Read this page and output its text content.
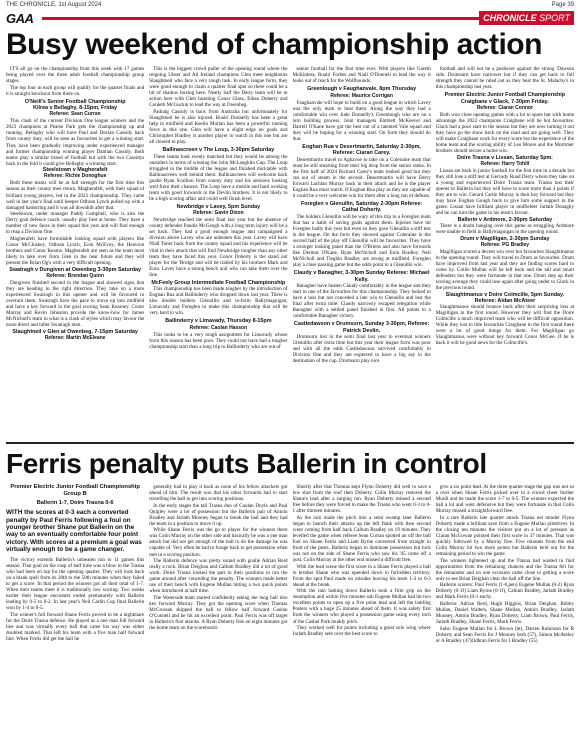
THE CHRONICLE, 1st August 2024	Page 39
GAA	CHRONICLE SPORT
Busy weekend of championship action

IT'S all go on the championship front this week with 17 games being played over the three adult football championship group stages.

The top four in each group will qualify for the quarter finals and it is straight knockout from there on.

O'Neill's Senior Football Championship
Kilrea v Bellaghy, 8-15pm, Friday
Referee: Sean Curran

This clash of the current Division One league winners and the 2023 champions at Pearse Park gets the championship up and running. Bellaghy who will have Paul and Declan Cassidy back from county duty, will be seen as favourites to get a winning start. They have been gradually improving under experienced manager and former championship winning player Damian Cassidy. Both teams play a similar brand of football but with the two Cassidys back in the fold it could give Bellaghy a winning start.

Steelstown v Magherafelt
Referee: Richie Donoghue

Both these teams will be at full strength for the first time this season as their county men return. Magherafelt, with their squad of brilliant young players, led in the 2023 championship. They came well in last year's final until keeper Odhran Lynch pulled up with a damaged hamstring and it was all downhill after that.

Steelstown, under manager Paddy Campbell, who is also the Derry goal defence coach, usually play best at home. They have a number of new faces in their squad this year and will find enough to reap a Division One.

Magherafelt have formidable looking squad with players like Conor McCluskey, Odhran Lynch, Eoin McEvoy, the Heavron brothers and Conor Kearns. Magherafelt are seen as the team most likely to take over from Glen in the near future and they will present the Brian Og's with a very difficult opening.

Swatragh v Dungiven at Owenbeg 3-30pm Saturday
Referee: Brendan Quinn

Dungiven finished second in the league and showed signs that they are heading in the right direction. They take on a more experienced Swatragh in this opener and will be favoured to overturn them. Swatragh have the pace to move up into midfield and have a key forward in the goal scoring Sean Kearney. Conor Murray and Kevin Johnston provide the know-how for James McNicholl's team in what is a clash of styles which may favour the more direct and taller Swatragh men.

Slaughtneil v Glen at Owenbeg, 7-15pm Saturday
Referee: Martin McEleane

This is the biggest crowd puller of the opening round where the reigning Ulster and All Ireland champions Glen meet neighbours Slaughtneil who face a very tough task. In early league form, they were good enough to claim a quarter final spot so there could be a bit of shadow boxing here. Neatly half the Derry team will be in action here with Glen boasting Conor Glass, Ethan Doherty and Conleth McGuckin to lead the way at Owenbeg.

Padraig Cassidy is back from Australia but unfortunately for Slaughtneil he is also injured. Ruairi Donnelly has been a great help in midfield and Keelin Mullan has been a powerful running force in this one. Glen will have a slight edge on goals and Christopher Bradley is another player to watch in this one but are all cleared to play.

Ballinascreen v The Loup, 3-30pm Saturday

These teams look evenly matched but they would be among the outsiders in terms of winning the John McLaughlin Cup. The Loup struggled in the middle of the league and finished mid-table with Ballinascreen well behind them. Ballinascreen will welcome back goalie Ryan Scullion from county duty and his sessions looking well from their chances. The Loup have a mobile and hard working team with good forwards in the Devlin brothers. It is not likely to be a high scoring affair and could well finish level.

Newbridge v Lavey, 5pm Sunday
Referee: Gavin Dixon

Newbridge reached the semi final last year but the absence of county defender Paudie McGeogh with a long term injury will be a set back. They had a good enough league and campaigned a division above Lavey who are unbeaten this year. Lavey will have Niall Toner back from the county squad and his experience will be vital to their attack that will find Newbridge tougher than any other team they have faced this year. Conor Doherty is the stand out player for the 'Bridge and will be trailed by his brothers Mark and Eoin. Lavey have a strong bench unit who can take them over the line.

McFeely Group Intermediate Football Championship

This championship has been made tougher by the introduction of Eoghan Rua and Ballinderry who dropped down last year. There is also double holders Glenullin and in-form Ballymaguigan, Limavady and Foreglen to make this championship that will be very hard to win.

Ballinderry v Limavady, Thursday 8-15pm
Referee: Caolan Hasson

This looks to be a very tough assignment for Limavady whose form this season has been poor. They could not have had a tougher championship start than a long trip to Ballinderry who are out of

senior football for the first time ever. With players like Gareth McKinless, Ruairi Forbes and Niall O'Donnell to lead the way it looks out of reach for the Wolfhounds.

Greenlough v Faughanvale, 8pm Thursday
Referee: Maurice Corrigan

Faughanvale will hope to build on a good league in which Lavey was the only team to beat them. Along the way they had a comfortable win over Jude Donnelly's Greenlough who are on a turn building process. Joint managers Emmett McKeever and Darrell O'Kane have got the best out of a talented Vale squad and they will be hoping for a winning start. On form they should do that.

Eoghan Rua v Desertmartin, Saturday 2-30pm, Referee: Ciaran Carey.

Desertmartin travel to Aghavoe to take on a Coleraine team that must be still smarting from their big drop from the senior ranks. In the first half of 2024 Richard Carey's team looked good but they ran out of steam in the second. Desertmartin will have Derry forward Lachlan Murray back in their attack and he is the player Eoghan Rua must watch. If Eoghan Rua play as they are capable of it could be a very welcome win for them after a long run of defeats.

Foreglen v Glenullin, Saturday 2-30pm Referee: Cathal Doherty.

The holders Glenullin will be wary of this trip to a Foreglen team that has a habit of saving goals against them. Injuries have hit Foreglen badly this year but even so they gave Glenullin a stiff test in the league. On the form they showed against Coleraine in the second half of the play off Glenullin will be favourites. They have a stronger looking panel than the O'Briens and also have forwards like Dermot O'Kane, Ryan McNicholl and Eoin Bradley. Neil McNicholl and Tieghin Bradley are strong at midfield. Foreglen play a close passing game but the odds point to a Glenullin win.

Claudy v Banagher, 3-30pm Sunday Referee: Michael Kelly.

Banagher have beaten Claudy comfortably in the league and they start in one of the favourites for this championship. They looked to have a loss but not conceded a late win to Glenullin and lost the final after extra time. Claudy narrowly escaped relegation while Banagher with a settled panel finished in first. All points to a comfortable Banagher victory.

Castledawson v Drumsurn, Sunday 3-30pm, Referee: Patrick Devlin.

Drumsurn lost in the semi final last year to eventual winners Glenullin after extra time but this year their league form was poor and with all the odds Castledawson survived comfortably in Division One and they are expected to have a big say in the destination of the cup. Drumsurn play nice

football and will not be a pushover against the strong 'Dawson side. Drumsurn have narrower but if they can get back to full strength they cannot be ruled out as they beat the St. Malachy's in this championship last year.

Premier Electric Junior Football Championship
Craigbane v Glack, 7-30pm Friday.
Referee: Ciaran Connor

Both won close opening games with a lot to spare but with home advantage the 2022 champions Craigbane will be hot favourites. Glack had a poor start to the season but they are now turning it out they have go the show back on the road and are going well. They will make Craigbane work for every score but the experience of the home team and the scoring ability of Leo Moore and the Mortimer brothers should secure a home win.

Doire Trasna v Lissan, Saturday 5pm.
Referee: Harry Tohill

Lissan are back in junior football for the first time in a decade but they still lose a stiff test at Gervady Road Derry where they take on a young and experienced Doire Trasna team. Trasna lost their opener to Ballerin but they will have to score more than 4 points if they are to win. Gerard Cartin Murray is their key forward but they may have Eoghan Gough back to give him some support in the game. Lissan have brilliant player in midfielder Jarlath Donaghy and he can turn the game in his team's favour.

Ballerin v Ardmore, 2-30pm Saturday

There is a doubt hanging over this game as struggling Ardmore were unable to field in Ballymaguigan in the opening round.

Drum v Magilligan, 2-30pm Sunday
Referee: PG Bradley

Magilligan scored a decent win over hot favourites Slaughtmanus in the opening round. They will travel to Drum as favourites. Drum have improved from last year and they are finding scores hard to come by. Collie Mullan will be left back and the tall and smart defenders but they were fortunate in that one. Drum step up their scoring average they could lose again after going under to Glack in the previous round.

Slaughtmanus v Doire Colmcille, 5pm Sunday. Referee: Aidan McAteer

Slaughtmanus should bounce back after their surprising loss at Magilligan in the first round. However they will find the Doire Colmcille a much improved team who will be difficult opposition. While they lost to title favourites Craigbane in the first round there were a lot of good things for them. For Magilligan go Slaughtmanus were without key forward Conor McGee. If he is back it will be good news for the Colmcille's.

Ferris penalty puts Ballerin in control
Premier Electric Junior Football Championship Group B
Ballerin 1-7, Doire Trasna 0-6
WITH the scores at 0-3 each a converted penalty by Paul Ferris following a foul on younger brother Shane put Ballerin on the way to an eventually comfortable four point victory. With scores at a premium a goal was virtually enough to be a game changer.

The victory extends Ballerin's unbeaten run to 11 games this season. That goal on the cusp of half time was a blow to the Trasna who had been on top for the opening quarter. They will look back on a blank spell from its 20th to the 50th minutes when they failed to get a score. In that period the winners got all their total of 1-7. When their teams meet it is traditionally low scoring. Two weeks earlier their league encounter ended prematurely with Ballerin leading by 0-5 to 0-2. In last year's Neil Carlin Cup final Ballerin won by 1-4 to 0-5.

The winner's full forward Shane Ferris proved to be a nightmare for the Doire Trasna defence. He played as a one man full forward line and was virtually every ball that came his way was either doubled marked. That left his team with a five man half forward line. When Ferris did get the ball he

generally had to play it back as none of his fellow attackers got ahead of him. The result was that his other forwards had to start travelling the ball to get into scoring positions.

In the early stages the tall Trasna duo of Caolan Doyle and Paul Quigley were a lot of possession but the Ballerin pair of Antoin Bradley and Jarlath Mooney began to break the ball and they had the team in a position to move it up.

While Shane Ferris was the go to player for the winners there was Colin Murray on the other side and basically he was a one man attack but did not get enough of the ball to do the damage he was capable of. Very often he had to forage back to get possession when met in a scoring position.

The Ballerin defence was pretty sound with goalie Adrian Reid really a rock. Brian Deighan and Callum Bradley did a lot of good work. Doire Trasna looked the part in their positions to run the game around after conceding the penalty. The winners made better use of their bench with Eugene Mullan hitting a two quick points when introduced at half time.

The Waterside team started confidently taking the long ball into key forward Murray. They got the opening score when Thomas McCrossan skipped the ball to fellow half forward Caolan O'Connell and he hit an excellent point. Paul Ferris was off target in Ballerin's first attacks. A Ryan Doherty free on eight minutes got the home team on the scoreboard.

Shortly after that Thomas kept Flynn Doherty did well to save a low shot from the roof then Doherty. Colin Murray restored the Shane's lead after a surging run. Ryan Doherty missed a second free before they were forced to make the Trasna who went 0-3 to 0-1 after thirteen minutes.

As the rain made the pitch into a semi swamp later Ballerin began to launch their attacks up the left flank with then second scent coming from half back Callum Bradley on 19 minutes. They levelled the game when referee Sean Curran spotted an off the ball foul on Shane Ferris and Liam Byrne converted from straight in front of the posts. Ballerin began to dominate possession but luck was not on the side of Shane Ferris who saw his '45 come off a post. Colin Murray at the other end missed a difficult free.

With the lead scene the first score in a Shane Ferris played a ball to brother Shane who was upended down in forbidden territory. From the spot Paul made no mistake leaving his team 1-3 to 0-3 ahead at the break.

With the rain lashing down Ballerin took a firm grip on the resumption and within five minutes sub Eugene Mullan had hit two excellent points to open up a five point lead and left the battling Posters with a huge 25 minutes ahead of them. It was safety first from the winners who played a possession game using every inch of the Cashel Park muddy pitch.

They worked well for points including a great solo wing where Jarlath Bradley sent over the best score to

give a six point lead. At the three quarter stage the gap was not so a over when Shane Ferris picked over to a crowd cheer further Murdi and he made the score 1-7 to 0-5. The winners expected the ball a lot and went defensive but they were fortunate in that Colin Murray missed a straightforward free.

In a rare Ballerin late quarter attack Trasna net minder Flynn Doherty made a brilliant save from a Eugene Mullan piledriver. In the closing ten minutes the visitors put on a lot of pressure as Ciaran McGowan pointed their first score in 37 minutes. That was quickly followed by a Murray free. Five minutes from the end Colin Murray hit two more points but Ballerin held out for the remaining period to win the game.

The winners tightened up and the Trasna had wasted to find opportunities from the remaining chances and the Trasna fell for the remainder and on one occasion came close to getting a score only to see Brian Deighan clear the ball off the line.

Ballerin scorers: Paul Ferris (1-0,pen) Eugene Mullan (0-2) Ryan Doherty (0-1f) Liam Byrne (0-1f), Callum Bradley, Jarlath Bradley and Mark Ferris (0-1 each).

Ballerin: Adrian Reid, Hugh Higgins, Brian Deighan, Bobby Mullan, Daniel Walters, Shane Mullan, Antoin Bradley, Jarlath Mooney, Antoin Bradley, Ryan Doherty, Liam Brown, Paul Ferris, Jarlath Bradley, Shane Ferris, Mark Ferris.

Subs: Eugene Mullan for L Brown (ht), Darren Robinson for R Doherty and Sean Ferris for J Mooney both (57), Simon McAteley or A Bradley (47)Odhran Ferris for J Bradley (55)
